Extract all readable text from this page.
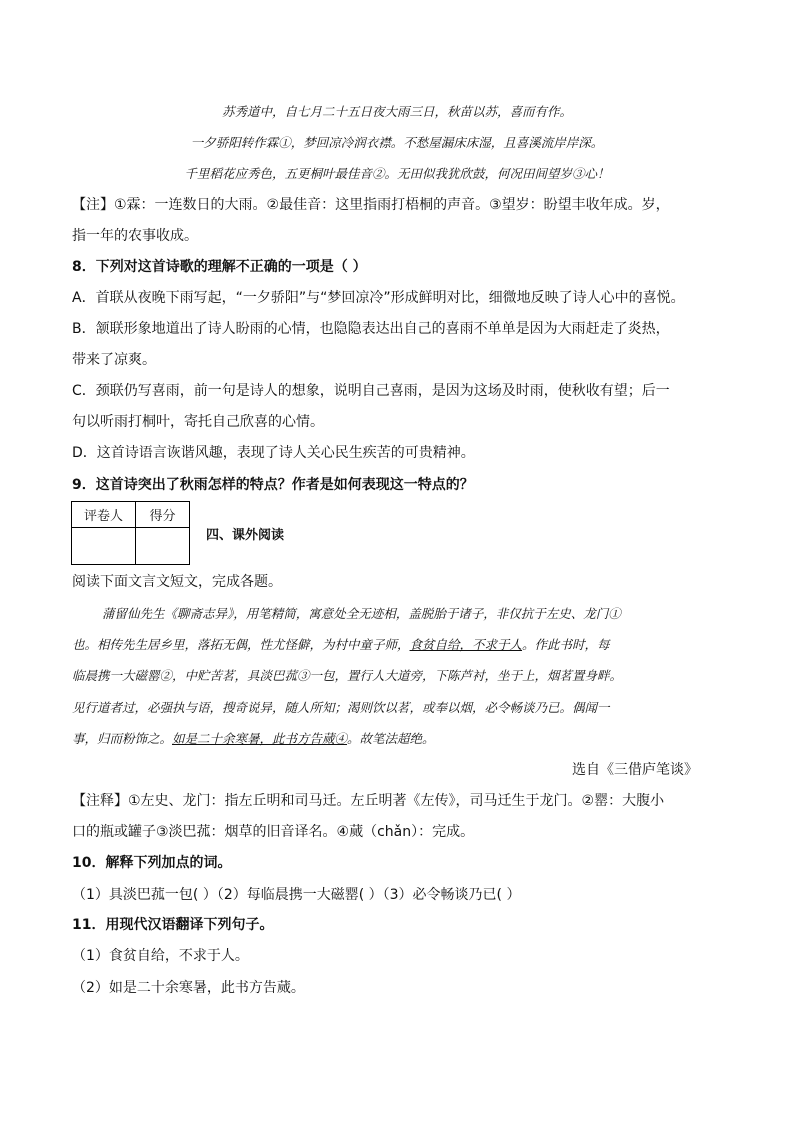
苏秀道中，自七月二十五日夜大雨三日，秋苗以苏，喜而有作。
一夕骄阳转作霖①，梦回凉冷润衣襟。不愁屋漏床床湿，且喜溪流岸岸深。
千里稻花应秀色，五更桐叶最佳音②。无田似我犹欣鼓，何况田间望岁③心！
【注】①霖：一连数日的大雨。②最佳音：这里指雨打梧桐的声音。③望岁：盼望丰收年成。岁，
指一年的农事收成。
8．下列对这首诗歌的理解不正确的一项是（ ）
A．首联从夜晚下雨写起，“一夕骄阳”与“梦回凉冷”形成鲜明对比，细微地反映了诗人心中的喜悦。
B．颔联形象地道出了诗人盼雨的心情，也隐隐表达出自己的喜雨不单单是因为大雨赶走了炎热，
带来了凉爽。
C．颈联仍写喜雨，前一句是诗人的想象，说明自己喜雨，是因为这场及时雨，使秋收有望；后一
句以听雨打桐叶，寄托自己欣喜的心情。
D．这首诗语言诙谐风趣，表现了诗人关心民生疾苦的可贵精神。
9．这首诗突出了秋雨怎样的特点？作者是如何表现这一特点的？
评卷人	得分

四、课外阅读
阅读下面文言文短文，完成各题。
蒲留仙先生《聊斋志异》，用笔精简，寓意处全无迹相，盖脱胎于诸子，非仅抗于左史、龙门①
也。相传先生居乡里，落拓无偶，性尤怪僻，为村中童子师，食贫自给，不求于人。作此书时，每
临晨携一大磁罂②，中贮苦茗，具淡巴菰③一包，置行人大道旁，下陈芦衬，坐于上，烟茗置身畔。
见行道者过，必强执与语，搜奇说异，随人所知；渴则饮以茗，或奉以烟，必令畅谈乃已。偶闻一
事，归而粉饰之。如是二十余寒暑，此书方告蒇④。故笔法超绝。
选自《三借庐笔谈》
【注释】①左史、龙门：指左丘明和司马迁。左丘明著《左传》，司马迁生于龙门。②罂：大腹小
口的瓶或罐子③淡巴菰：烟草的旧音译名。④蒇（chǎn）：完成。
10．解释下列加点的词。
（1）具淡巴菰一包( ）（2）每临晨携一大磁罂( ）（3）必令畅谈乃已( ）
11．用现代汉语翻译下列句子。
（1）食贫自给，不求于人。
（2）如是二十余寒暑，此书方告蒇。
